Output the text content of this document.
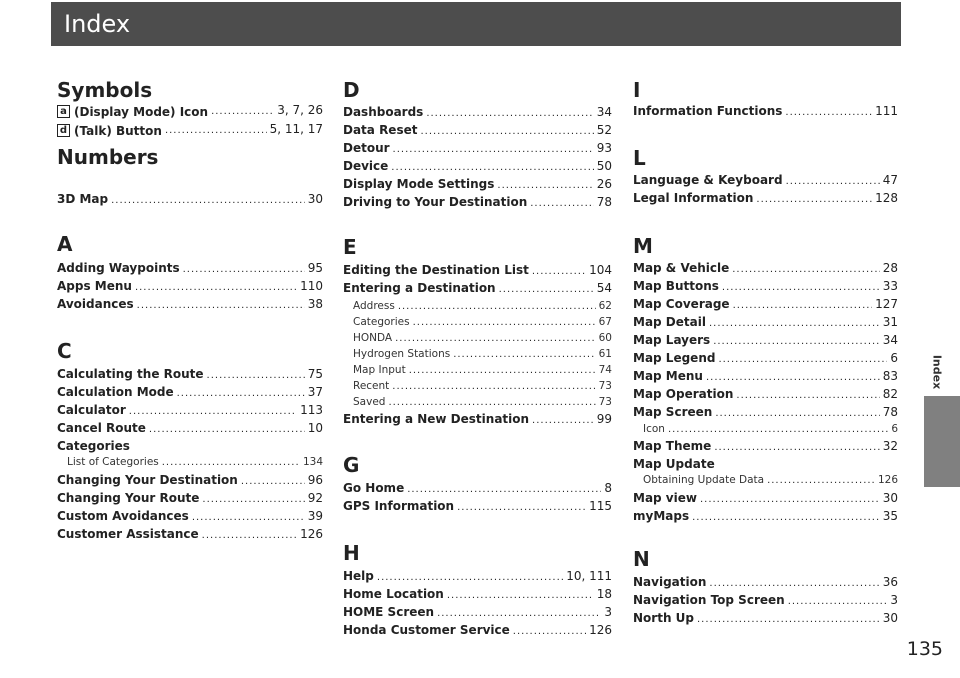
Index
Index
Symbols
a (Display Mode) Icon .....	3, 7, 26
d (Talk) Button .....	5, 11, 17
Numbers
3D Map .....	30
A
Adding Waypoints .....	95
Apps Menu .....	110
Avoidances .....	38
C
Calculating the Route .....	75
Calculation Mode .....	37
Calculator .....	113
Cancel Route .....	10
Categories
List of Categories .....	134
Changing Your Destination .....	96
Changing Your Route .....	92
Custom Avoidances .....	39
Customer Assistance .....	126
D
Dashboards .....	34
Data Reset .....	52
Detour .....	93
Device .....	50
Display Mode Settings .....	26
Driving to Your Destination .....	78
E
Editing the Destination List .....	104
Entering a Destination .....	54
Address .....	62
Categories .....	67
HONDA .....	60
Hydrogen Stations .....	61
Map Input .....	74
Recent .....	73
Saved .....	73
Entering a New Destination .....	99
G
Go Home .....	8
GPS Information .....	115
H
Help .....	10, 111
Home Location .....	18
HOME Screen .....	3
Honda Customer Service .....	126
I
Information Functions .....	111
L
Language & Keyboard .....	47
Legal Information .....	128
M
Map & Vehicle .....	28
Map Buttons .....	33
Map Coverage .....	127
Map Detail .....	31
Map Layers .....	34
Map Legend .....	6
Map Menu .....	83
Map Operation .....	82
Map Screen .....	78
Icon .....	6
Map Theme .....	32
Map Update
Obtaining Update Data .....	126
Map view .....	30
myMaps .....	35
N
Navigation .....	36
Navigation Top Screen .....	3
North Up .....	30
135
